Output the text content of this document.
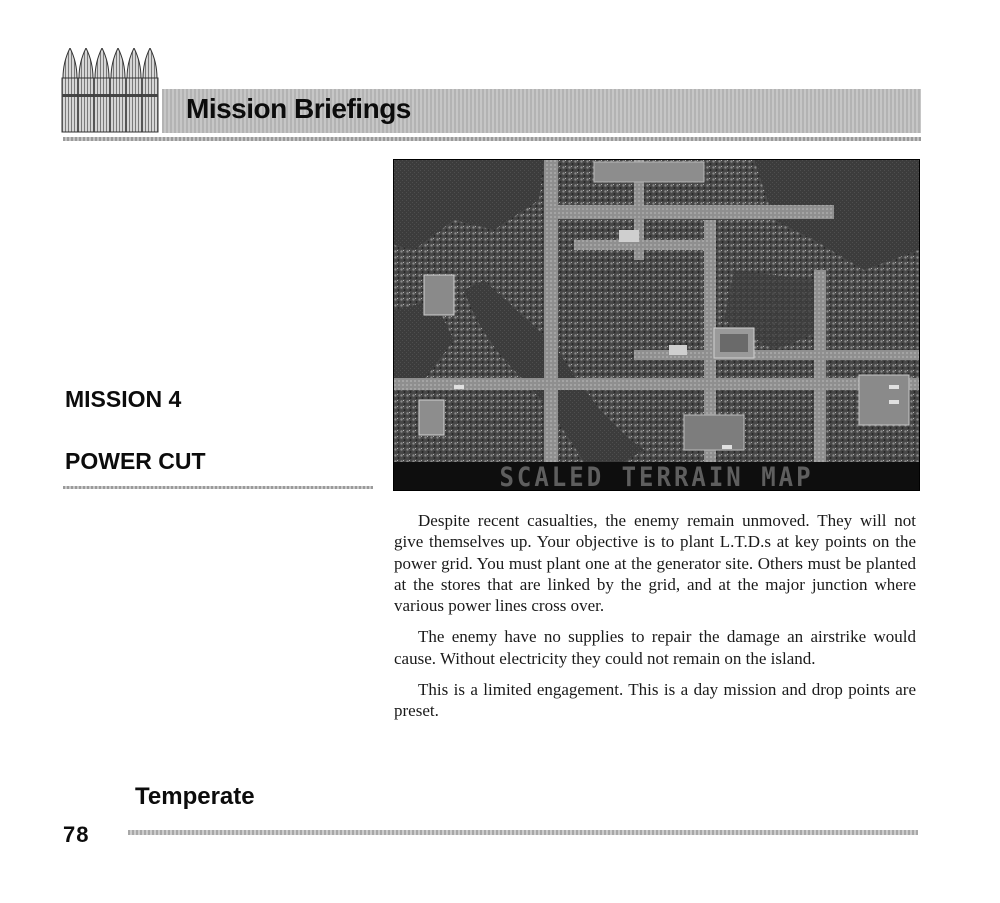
Mission Briefings
MISSION 4
POWER CUT
SCALED TERRAIN MAP

Despite recent casualties, the enemy remain unmoved. They will not give themselves up. Your objective is to plant L.T.D.s at key points on the power grid. You must plant one at the generator site. Others must be planted at the stores that are linked by the grid, and at the major junction where various power lines cross over.

The enemy have no supplies to repair the damage an airstrike would cause. Without electricity they could not remain on the island.

This is a limited engagement. This is a day mission and drop points are preset.

Temperate
78
